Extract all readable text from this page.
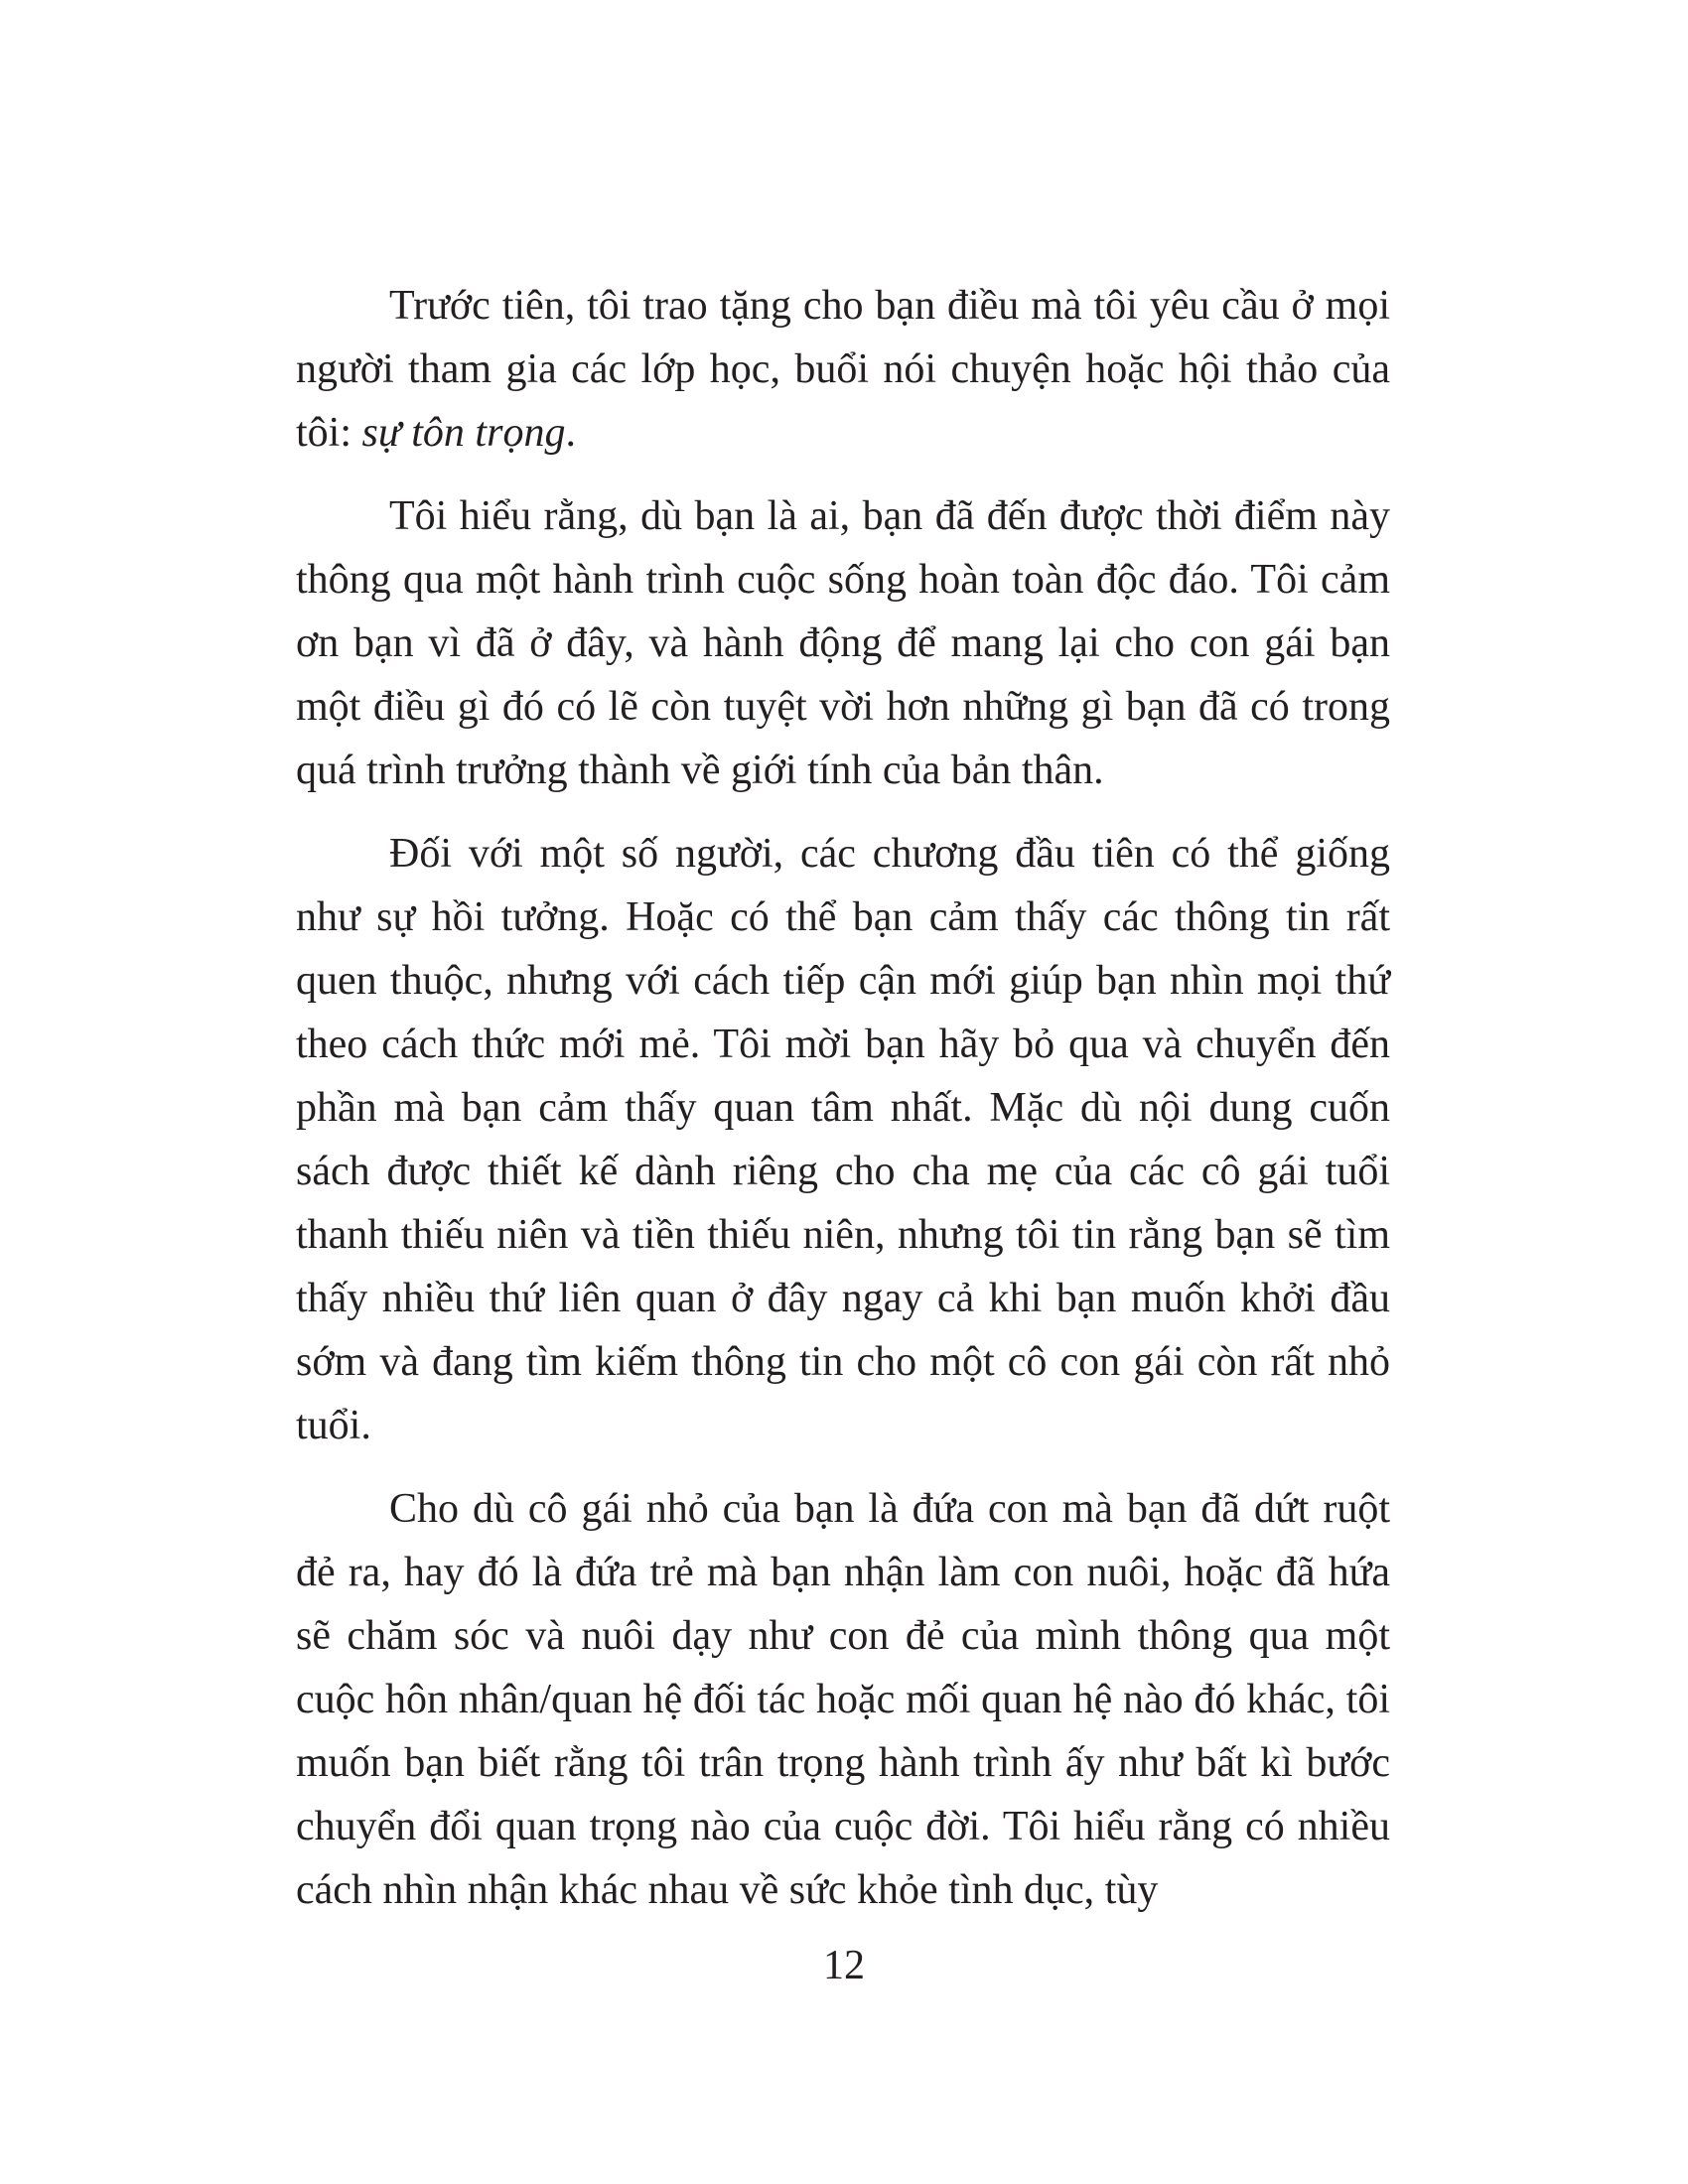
Trước tiên, tôi trao tặng cho bạn điều mà tôi yêu cầu ở mọi người tham gia các lớp học, buổi nói chuyện hoặc hội thảo của tôi: sự tôn trọng.

Tôi hiểu rằng, dù bạn là ai, bạn đã đến được thời điểm này thông qua một hành trình cuộc sống hoàn toàn độc đáo. Tôi cảm ơn bạn vì đã ở đây, và hành động để mang lại cho con gái bạn một điều gì đó có lẽ còn tuyệt vời hơn những gì bạn đã có trong quá trình trưởng thành về giới tính của bản thân.

Đối với một số người, các chương đầu tiên có thể giống như sự hồi tưởng. Hoặc có thể bạn cảm thấy các thông tin rất quen thuộc, nhưng với cách tiếp cận mới giúp bạn nhìn mọi thứ theo cách thức mới mẻ. Tôi mời bạn hãy bỏ qua và chuyển đến phần mà bạn cảm thấy quan tâm nhất. Mặc dù nội dung cuốn sách được thiết kế dành riêng cho cha mẹ của các cô gái tuổi thanh thiếu niên và tiền thiếu niên, nhưng tôi tin rằng bạn sẽ tìm thấy nhiều thứ liên quan ở đây ngay cả khi bạn muốn khởi đầu sớm và đang tìm kiếm thông tin cho một cô con gái còn rất nhỏ tuổi.

Cho dù cô gái nhỏ của bạn là đứa con mà bạn đã dứt ruột đẻ ra, hay đó là đứa trẻ mà bạn nhận làm con nuôi, hoặc đã hứa sẽ chăm sóc và nuôi dạy như con đẻ của mình thông qua một cuộc hôn nhân/quan hệ đối tác hoặc mối quan hệ nào đó khác, tôi muốn bạn biết rằng tôi trân trọng hành trình ấy như bất kì bước chuyển đổi quan trọng nào của cuộc đời. Tôi hiểu rằng có nhiều cách nhìn nhận khác nhau về sức khỏe tình dục, tùy

12
